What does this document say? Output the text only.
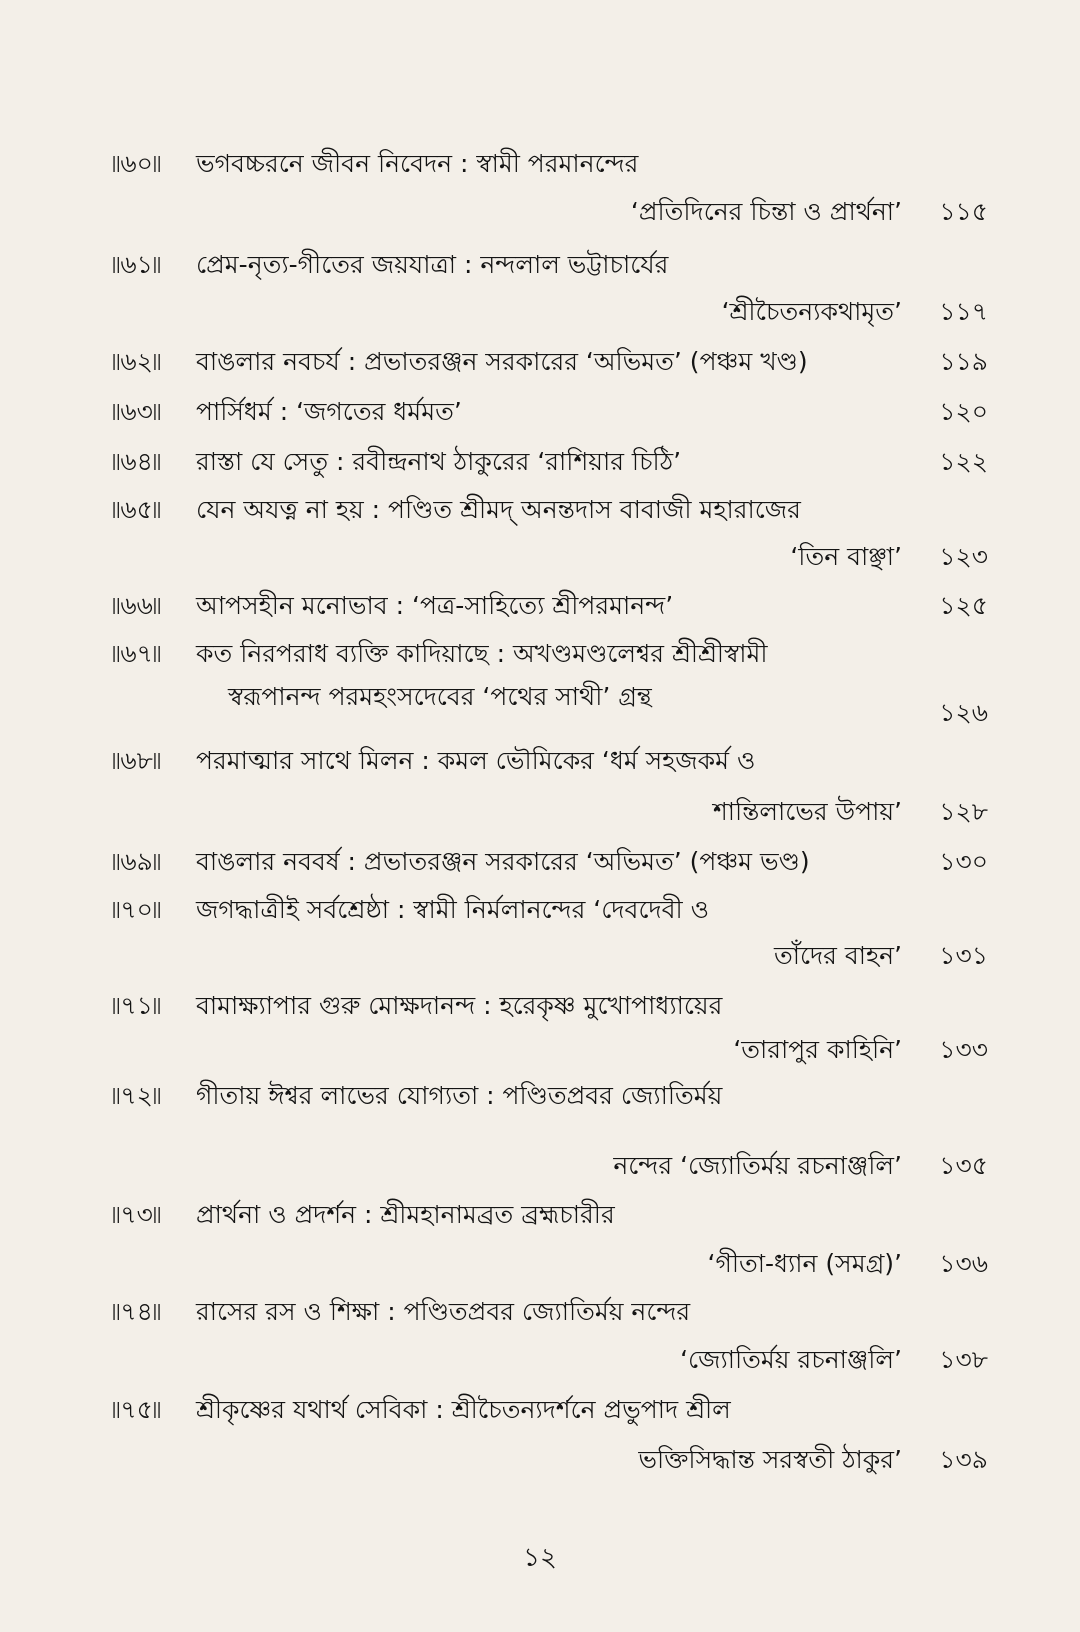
৷৷৬০৷৷ ভগবচ্চরনে জীবন নিবেদন : স্বামী পরমানন্দের
‘প্রতিদিনের চিন্তা ও প্রার্থনা’ ১১৫
৷৷৬১৷৷ প্রেম-নৃত্য-গীতের জয়যাত্রা : নন্দলাল ভট্টাচার্যের
‘শ্রীচৈতন্যকথামৃত’ ১১৭
৷৷৬২৷৷ বাঙলার নবচর্য : প্রভাতরঞ্জন সরকারের ‘অভিমত’ (পঞ্চম খণ্ড)	১১৯
৷৷৬৩৷৷ পার্সিধর্ম : ‘জগতের ধর্মমত’	১২০
৷৷৬৪৷৷ রাস্তা যে সেতু : রবীন্দ্রনাথ ঠাকুরের ‘রাশিয়ার চিঠি’	১২২
৷৷৬৫৷৷ যেন অযত্ন না হয় : পণ্ডিত শ্রীমদ্ অনন্তদাস বাবাজী মহারাজের
‘তিন বাঞ্ছা’ ১২৩
৷৷৬৬৷৷ আপসহীন মনোভাব : ‘পত্র-সাহিত্যে শ্রীপরমানন্দ’	১২৫
৷৷৬৭৷৷ কত নিরপরাধ ব্যক্তি কাদিয়াছে : অখণ্ডমণ্ডলেশ্বর শ্রীশ্রীস্বামী
স্বরূপানন্দ পরমহংসদেবের ‘পথের সাথী’ গ্রন্থ
১২৬
৷৷৬৮৷৷ পরমাত্মার সাথে মিলন : কমল ভৌমিকের ‘ধর্ম সহজকর্ম ও
শান্তিলাভের উপায়’ ১২৮
৷৷৬৯৷৷ বাঙলার নববর্ষ : প্রভাতরঞ্জন সরকারের ‘অভিমত’ (পঞ্চম ভণ্ড)	১৩০
৷৷৭০৷৷ জগদ্ধাত্রীই সর্বশ্রেষ্ঠা : স্বামী নির্মলানন্দের ‘দেবদেবী ও
তাঁদের বাহন’ ১৩১
৷৷৭১৷৷ বামাক্ষ্যাপার গুরু মোক্ষদানন্দ : হরেকৃষ্ণ মুখোপাধ্যায়ের
‘তারাপুর কাহিনি’ ১৩৩
৷৷৭২৷৷ গীতায় ঈশ্বর লাভের যোগ্যতা : পণ্ডিতপ্রবর জ্যোতির্ময়
নন্দের ‘জ্যোতির্ময় রচনাঞ্জলি’ ১৩৫
৷৷৭৩৷৷ প্রার্থনা ও প্রদর্শন : শ্রীমহানামব্রত ব্রহ্মচারীর
‘গীতা-ধ্যান (সমগ্র)’ ১৩৬
৷৷৭৪৷৷ রাসের রস ও শিক্ষা : পণ্ডিতপ্রবর জ্যোতির্ময় নন্দের
‘জ্যোতির্ময় রচনাঞ্জলি’ ১৩৮
৷৷৭৫৷৷ শ্রীকৃষ্ণের যথার্থ সেবিকা : শ্রীচৈতন্যদর্শনে প্রভুপাদ শ্রীল
ভক্তিসিদ্ধান্ত সরস্বতী ঠাকুর’ ১৩৯
১২
